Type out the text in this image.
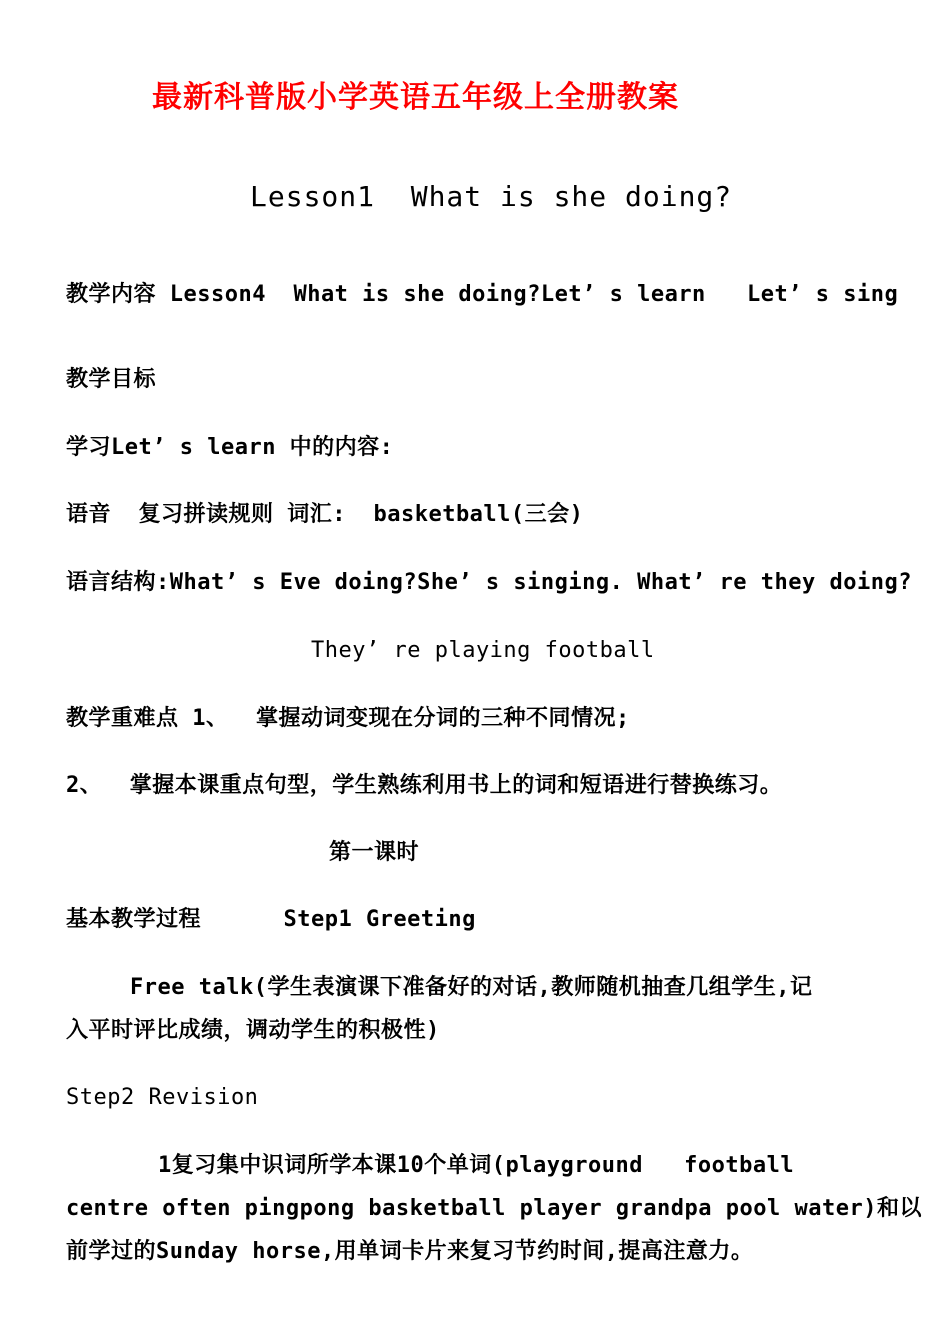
最新科普版小学英语五年级上全册教案
Lesson1  What is she doing?
教学内容 Lesson4  What is she doing?Let’ s learn   Let’ s sing
教学目标
学习Let’ s learn 中的内容:
语音  复习拼读规则 词汇:  basketball(三会)
语言结构:What’ s Eve doing?She’ s singing. What’ re they doing?
They’ re playing football
教学重难点 1、  掌握动词变现在分词的三种不同情况;
2、  掌握本课重点句型，学生熟练利用书上的词和短语进行替换练习。
第一课时
基本教学过程      Step1 Greeting
Free talk(学生表演课下准备好的对话,教师随机抽查几组学生,记
入平时评比成绩，调动学生的积极性)
Step2 Revision
1复习集中识词所学本课10个单词(playground   football
centre often pingpong basketball player grandpa pool water)和以
前学过的Sunday horse,用单词卡片来复习节约时间,提高注意力。
